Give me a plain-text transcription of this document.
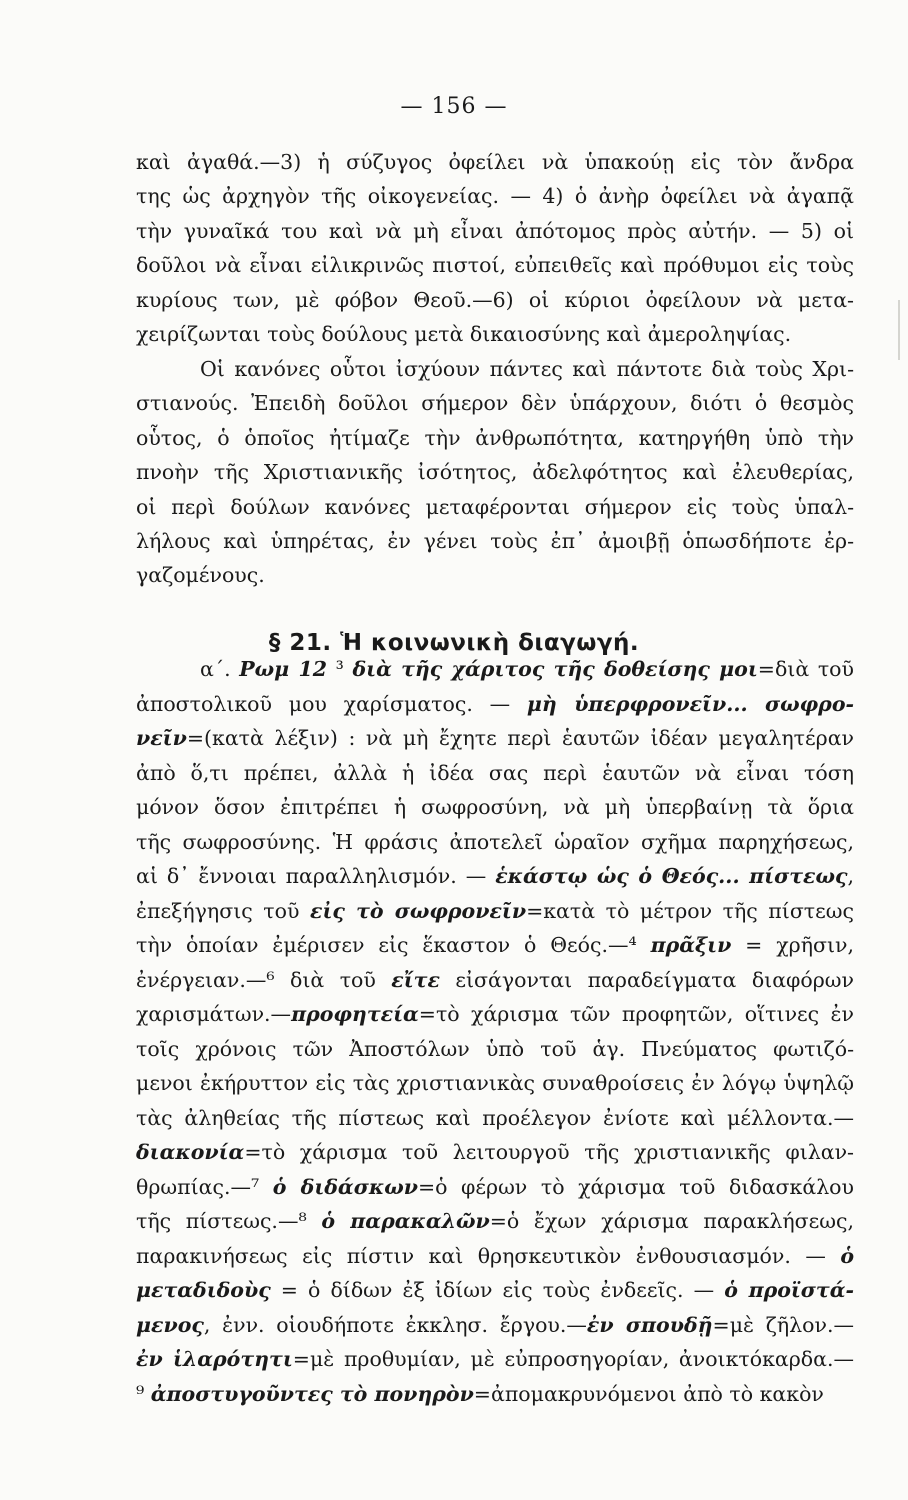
— 156 —
καὶ ἀγαθά.—3) ἡ σύζυγος ὀφείλει νὰ ὑπακούῃ εἰς τὸν ἄνδρα
της ὡς ἀρχηγὸν τῆς οἰκογενείας. — 4) ὁ ἀνὴρ ὀφείλει νὰ ἀγαπᾷ
τὴν γυναῖκά του καὶ νὰ μὴ εἶναι ἀπότομος πρὸς αὐτήν. — 5) οἱ
δοῦλοι νὰ εἶναι εἰλικρινῶς πιστοί, εὐπειθεῖς καὶ πρόθυμοι εἰς τοὺς
κυρίους των, μὲ φόβον Θεοῦ.—6) οἱ κύριοι ὀφείλουν νὰ μετα-
χειρίζωνται τοὺς δούλους μετὰ δικαιοσύνης καὶ ἀμεροληψίας.
Οἱ κανόνες οὗτοι ἰσχύουν πάντες καὶ πάντοτε διὰ τοὺς Χρι-
στιανούς. Ἐπειδὴ δοῦλοι σήμερον δὲν ὑπάρχουν, διότι ὁ θεσμὸς
οὗτος, ὁ ὁποῖος ἠτίμαζε τὴν ἀνθρωπότητα, κατηργήθη ὑπὸ τὴν
πνοὴν τῆς Χριστιανικῆς ἰσότητος, ἀδελφότητος καὶ ἐλευθερίας,
οἱ περὶ δούλων κανόνες μεταφέρονται σήμερον εἰς τοὺς ὑπαλ-
λήλους καὶ ὑπηρέτας, ἐν γένει τοὺς ἐπ᾽ ἀμοιβῇ ὁπωσδήποτε ἐρ-
γαζομένους.
α΄. Ρωμ 12 ³ διὰ τῆς χάριτος τῆς δοθείσης μοι=διὰ τοῦ
ἀποστολικοῦ μου χαρίσματος. — μὴ ὑπερφρονεῖν... σωφρο-
νεῖν=(κατὰ λέξιν) : νὰ μὴ ἔχητε περὶ ἑαυτῶν ἰδέαν μεγαλητέραν
ἀπὸ ὅ,τι πρέπει, ἀλλὰ ἡ ἰδέα σας περὶ ἑαυτῶν νὰ εἶναι τόση
μόνον ὅσον ἐπιτρέπει ἡ σωφροσύνη, νὰ μὴ ὑπερβαίνῃ τὰ ὅρια
τῆς σωφροσύνης. Ἡ φράσις ἀποτελεῖ ὡραῖον σχῆμα παρηχήσεως,
αἱ δ᾽ ἔννοιαι παραλληλισμόν. — ἑκάστῳ ὡς ὁ Θεός... πίστεως,
ἐπεξήγησις τοῦ εἰς τὸ σωφρονεῖν=κατὰ τὸ μέτρον τῆς πίστεως
τὴν ὁποίαν ἐμέρισεν εἰς ἕκαστον ὁ Θεός.—⁴ πρᾶξιν = χρῆσιν,
ἐνέργειαν.—⁶ διὰ τοῦ εἴτε εἰσάγονται παραδείγματα διαφόρων
χαρισμάτων.—προφητεία=τὸ χάρισμα τῶν προφητῶν, οἵτινες ἐν
τοῖς χρόνοις τῶν Ἀποστόλων ὑπὸ τοῦ ἁγ. Πνεύματος φωτιζό-
μενοι ἐκήρυττον εἰς τὰς χριστιανικὰς συναθροίσεις ἐν λόγῳ ὑψηλῷ
τὰς ἀληθείας τῆς πίστεως καὶ προέλεγον ἐνίοτε καὶ μέλλοντα.—
διακονία=τὸ χάρισμα τοῦ λειτουργοῦ τῆς χριστιανικῆς φιλαν-
θρωπίας.—⁷ ὁ διδάσκων=ὁ φέρων τὸ χάρισμα τοῦ διδασκάλου
τῆς πίστεως.—⁸ ὁ παρακαλῶν=ὁ ἔχων χάρισμα παρακλήσεως,
παρακινήσεως εἰς πίστιν καὶ θρησκευτικὸν ἐνθουσιασμόν. — ὁ
μεταδιδοὺς = ὁ δίδων ἐξ ἰδίων εἰς τοὺς ἐνδεεῖς. — ὁ προϊστά-
μενος, ἐνν. οἱουδήποτε ἐκκλησ. ἔργου.—ἐν σπουδῇ=μὲ ζῆλον.—
ἐν ἱλαρότητι=μὲ προθυμίαν, μὲ εὐπροσηγορίαν, ἀνοικτόκαρδα.—
⁹ ἀποστυγοῦντες τὸ πονηρὸν=ἀπομακρυνόμενοι ἀπὸ τὸ κακὸν
§ 21. Ἡ κοινωνικὴ διαγωγή.
